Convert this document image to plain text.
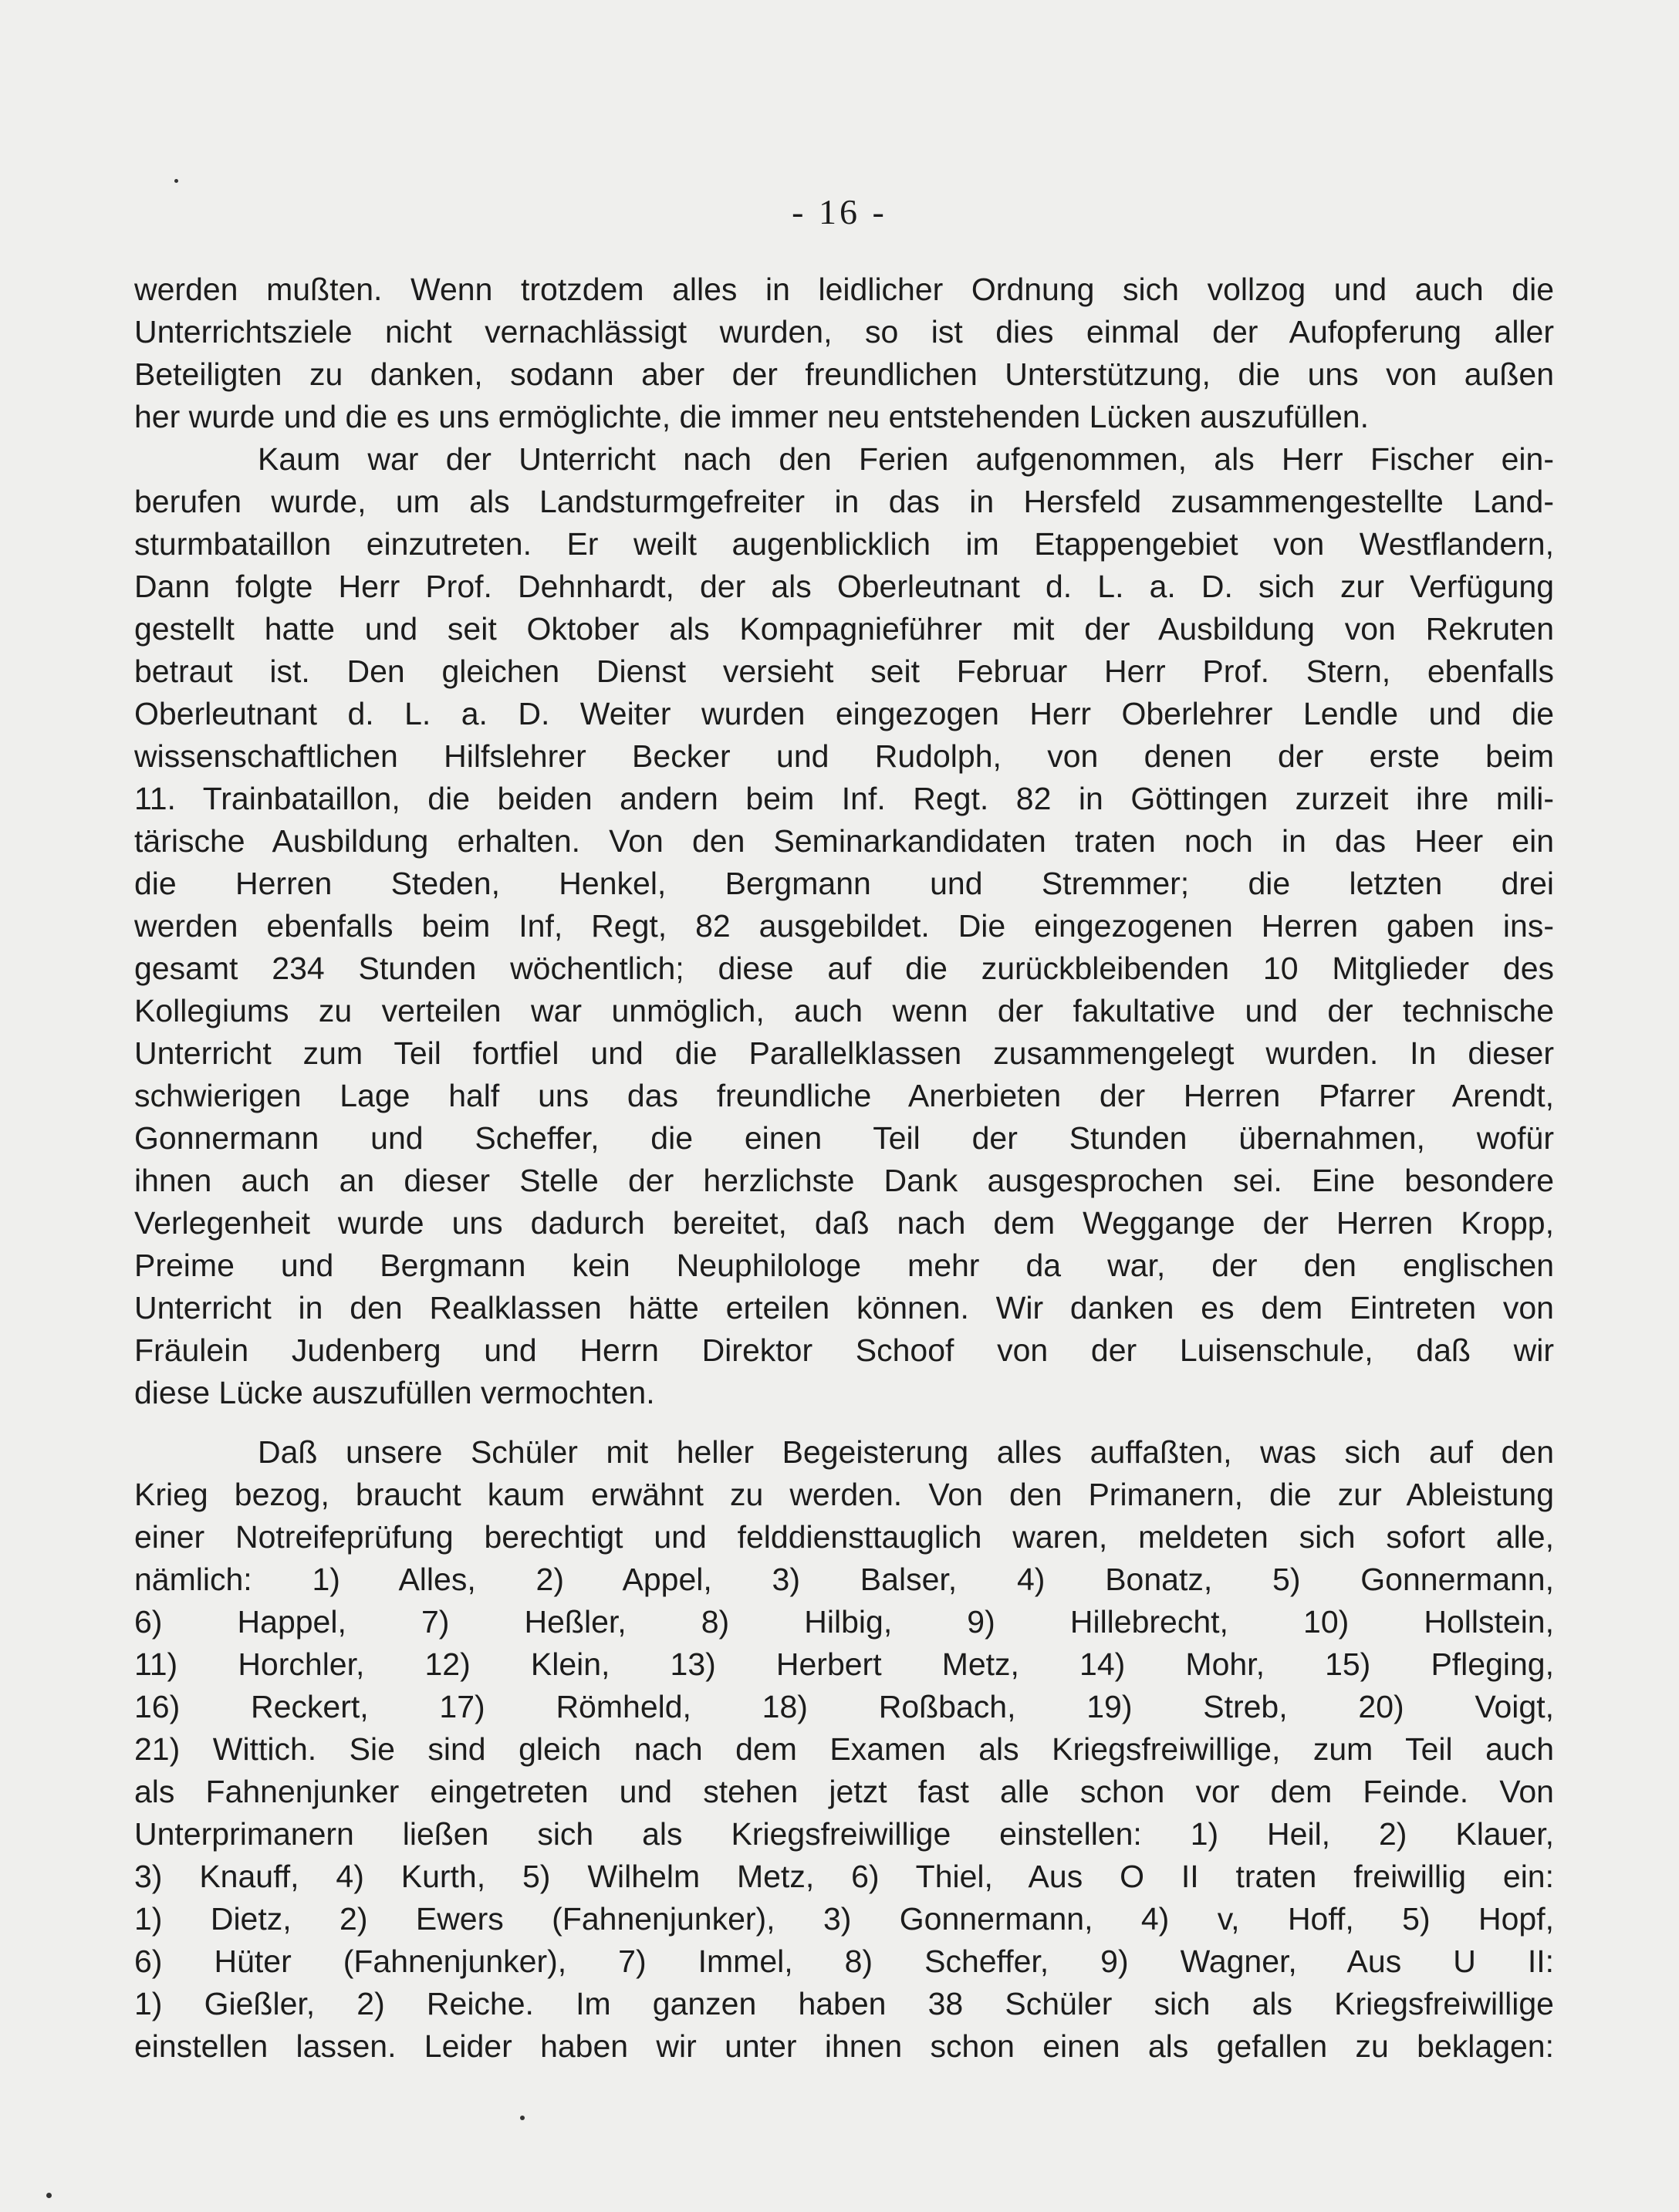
- 16 -
werden mußten. Wenn trotzdem alles in leidlicher Ordnung sich vollzog und auch die
Unterrichtsziele nicht vernachlässigt wurden, so ist dies einmal der Aufopferung aller
Beteiligten zu danken, sodann aber der freundlichen Unterstützung, die uns von außen
her wurde und die es uns ermöglichte, die immer neu entstehenden Lücken auszufüllen.
Kaum war der Unterricht nach den Ferien aufgenommen, als Herr Fischer ein-
berufen wurde, um als Landsturmgefreiter in das in Hersfeld zusammengestellte Land-
sturmbataillon einzutreten. Er weilt augenblicklich im Etappengebiet von Westflandern,
Dann folgte Herr Prof. Dehnhardt, der als Oberleutnant d. L. a. D. sich zur Verfügung
gestellt hatte und seit Oktober als Kompagnieführer mit der Ausbildung von Rekruten
betraut ist. Den gleichen Dienst versieht seit Februar Herr Prof. Stern, ebenfalls
Oberleutnant d. L. a. D. Weiter wurden eingezogen Herr Oberlehrer Lendle und die
wissenschaftlichen Hilfslehrer Becker und Rudolph, von denen der erste beim
11. Trainbataillon, die beiden andern beim Inf. Regt. 82 in Göttingen zurzeit ihre mili-
tärische Ausbildung erhalten. Von den Seminarkandidaten traten noch in das Heer ein
die Herren Steden, Henkel, Bergmann und Stremmer; die letzten drei
werden ebenfalls beim Inf, Regt, 82 ausgebildet. Die eingezogenen Herren gaben ins-
gesamt 234 Stunden wöchentlich; diese auf die zurückbleibenden 10 Mitglieder des
Kollegiums zu verteilen war unmöglich, auch wenn der fakultative und der technische
Unterricht zum Teil fortfiel und die Parallelklassen zusammengelegt wurden. In dieser
schwierigen Lage half uns das freundliche Anerbieten der Herren Pfarrer Arendt,
Gonnermann und Scheffer, die einen Teil der Stunden übernahmen, wofür
ihnen auch an dieser Stelle der herzlichste Dank ausgesprochen sei. Eine besondere
Verlegenheit wurde uns dadurch bereitet, daß nach dem Weggange der Herren Kropp,
Preime und Bergmann kein Neuphilologe mehr da war, der den englischen
Unterricht in den Realklassen hätte erteilen können. Wir danken es dem Eintreten von
Fräulein Judenberg und Herrn Direktor Schoof von der Luisenschule, daß wir
diese Lücke auszufüllen vermochten.
Daß unsere Schüler mit heller Begeisterung alles auffaßten, was sich auf den
Krieg bezog, braucht kaum erwähnt zu werden. Von den Primanern, die zur Ableistung
einer Notreifeprüfung berechtigt und felddiensttauglich waren, meldeten sich sofort alle,
nämlich: 1) Alles, 2) Appel, 3) Balser, 4) Bonatz, 5) Gonnermann,
6) Happel, 7) Heßler, 8) Hilbig, 9) Hillebrecht, 10) Hollstein,
11) Horchler, 12) Klein, 13) Herbert Metz, 14) Mohr, 15) Pfleging,
16) Reckert, 17) Römheld, 18) Roßbach, 19) Streb, 20) Voigt,
21) Wittich. Sie sind gleich nach dem Examen als Kriegsfreiwillige, zum Teil auch
als Fahnenjunker eingetreten und stehen jetzt fast alle schon vor dem Feinde. Von
Unterprimanern ließen sich als Kriegsfreiwillige einstellen: 1) Heil, 2) Klauer,
3) Knauff, 4) Kurth, 5) Wilhelm Metz, 6) Thiel, Aus O II traten freiwillig ein:
1) Dietz, 2) Ewers (Fahnenjunker), 3) Gonnermann, 4) v, Hoff, 5) Hopf,
6) Hüter (Fahnenjunker), 7) Immel, 8) Scheffer, 9) Wagner, Aus U II:
1) Gießler, 2) Reiche. Im ganzen haben 38 Schüler sich als Kriegsfreiwillige
einstellen lassen. Leider haben wir unter ihnen schon einen als gefallen zu beklagen:
